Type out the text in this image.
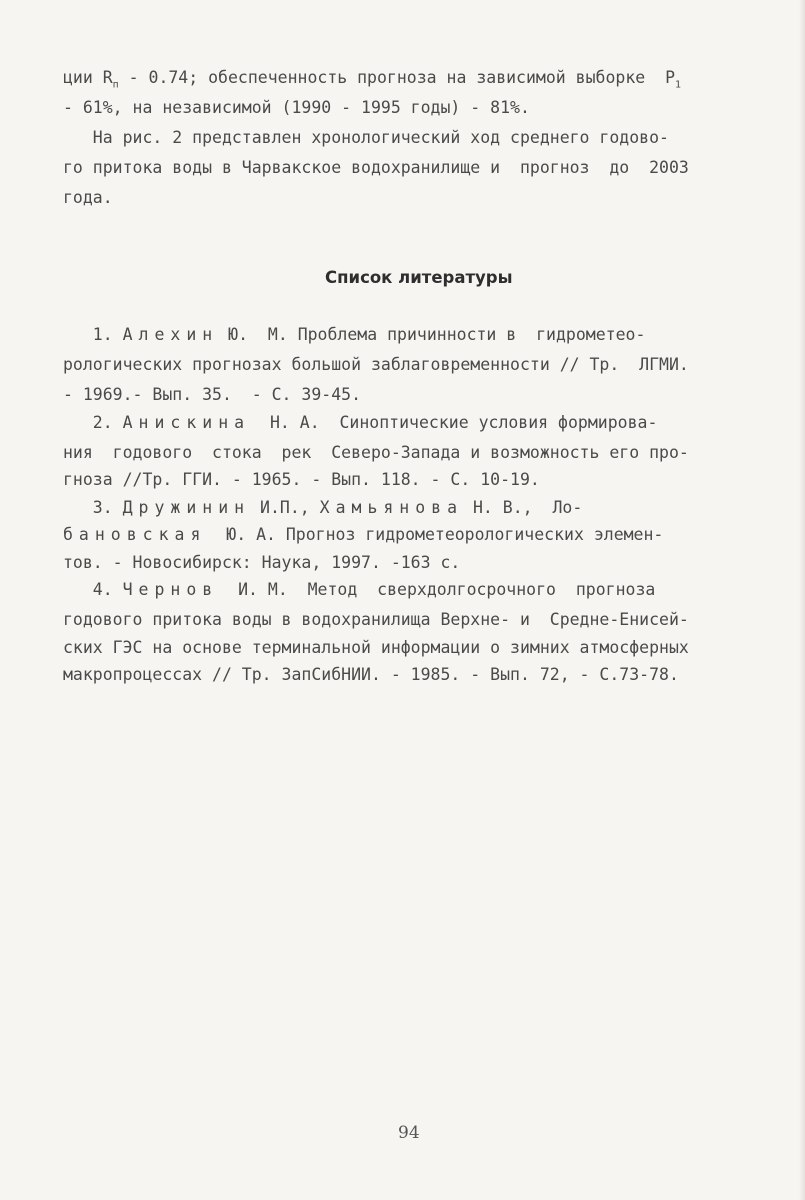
ции $R_п - 0.74$; обеспеченность прогноза на зависимой выборке  $P_1$
- 61%, на независимой (1990 - 1995 годы) - 81%.
На рис. 2 представлен хронологический ход среднего годово-
го притока воды в Чарвакское водохранилище и  прогноз  до  2003
года.
Список литературы
1. Алехин Ю.  М. Проблема причинности в  гидрометео-
рологических прогнозах большой заблаговременности // Тр.  ЛГМИ.
- 1969.- Вып. 35.  - С. 39-45.
2. Анискина  Н. А.  Синоптические условия формирова-
ния  годового  стока  рек  Северо-Запада и возможность его про-
гноза //Тр. ГГИ. - 1965. - Вып. 118. - С. 10-19.
3. Дружинин И.П., Хамьянова Н. В.,  Ло-
бановская  Ю. А. Прогноз гидрометеорологических элемен-
тов. - Новосибирск: Наука, 1997. -163 с.
4. Чернов  И. М.  Метод  сверхдолгосрочного  прогноза
годового притока воды в водохранилища Верхне- и  Средне-Енисей-
ских ГЭС на основе терминальной информации о зимних атмосферных
макропроцессах // Тр. ЗапСибНИИ. - 1985. - Вып. 72, - С.73-78.
94
